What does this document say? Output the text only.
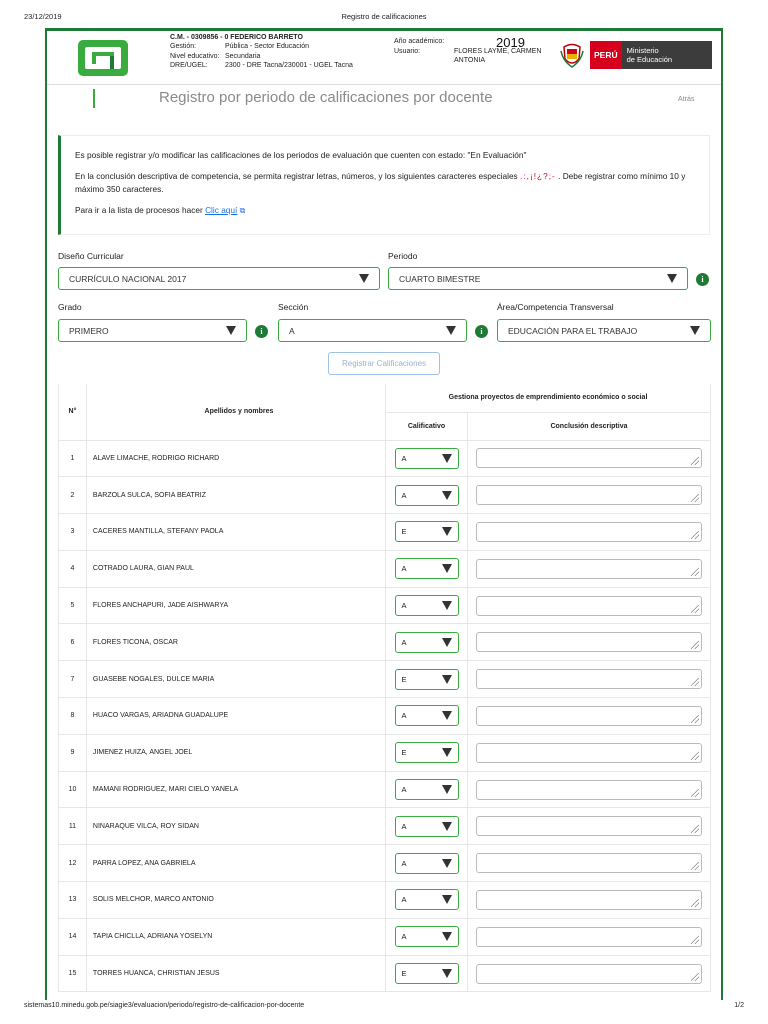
23/12/2019	Registro de calificaciones
C.M. - 0309856 - 0 FEDERICO BARRETO
Gestión:	Pública - Sector Educación
Nivel educativo: Secundaria
DRE/UGEL:	2300 - DRE Tacna/230001 - UGEL Tacna
Año académico:	2019
Usuario:	FLORES LAYME, CARMEN ANTONIA
PERÚ	Ministerio
de Educación
Registro por periodo de calificaciones por docente	Atrás

Es posible registrar y/o modificar las calificaciones de los periodos de evaluación que cuenten con estado: "En Evaluación"

En la conclusión descriptiva de competencia, se permita registrar letras, números, y los siguientes caracteres especiales .:,¡!¿?;- . Debe registrar como mínimo 10 y máximo 350 caracteres.

Para ir a la lista de procesos hacer Clic aquí ⧉

Diseño Curricular
CURRÍCULO NACIONAL 2017
Periodo
CUARTO BIMESTRE	i
Grado
PRIMERO	i
Sección
A	i
Área/Competencia Transversal
EDUCACIÓN PARA EL TRABAJO
Registrar Calificaciones
N°	Apellidos y nombres	Gestiona proyectos de emprendimiento económico o social	
		Calificativo	Conclusión descriptiva
1	ALAVE LIMACHE, RODRIGO RICHARD	A	

2	BARZOLA SULCA, SOFIA BEATRIZ	A	

3	CACERES MANTILLA, STEFANY PAOLA	E	

4	COTRADO LAURA, GIAN PAUL	A	

5	FLORES ANCHAPURI, JADE AISHWARYA	A	

6	FLORES TICONA, OSCAR	A	

7	GUASEBE NOGALES, DULCE MARIA	E	

8	HUACO VARGAS, ARIADNA GUADALUPE	A	

9	JIMENEZ HUIZA, ANGEL JOEL	E	

10	MAMANI RODRIGUEZ, MARI CIELO YANELA	A	

11	NINARAQUE VILCA, ROY SIDAN	A	

12	PARRA LOPEZ, ANA GABRIELA	A	

13	SOLIS MELCHOR, MARCO ANTONIO	A	

14	TAPIA CHICLLA, ADRIANA YOSELYN	A	

15	TORRES HUANCA, CHRISTIAN JESUS	E	

sistemas10.minedu.gob.pe/siagie3/evaluacion/periodo/registro-de-calificacion-por-docente	1/2
